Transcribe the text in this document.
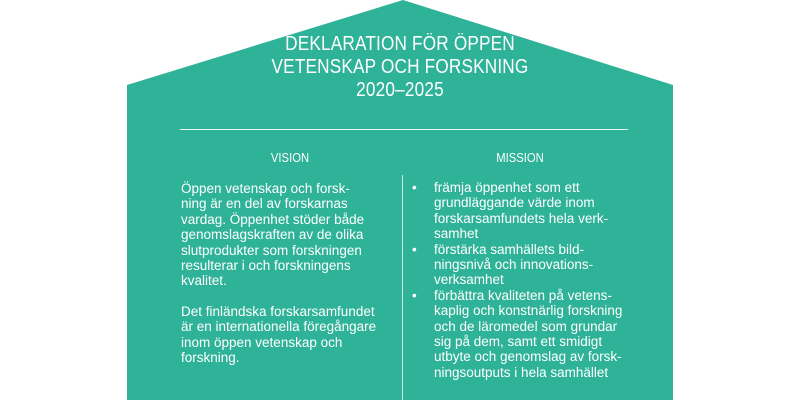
DEKLARATION FÖR ÖPPEN
VETENSKAP OCH FORSKNING
2020–2025
VISION	MISSION

Öppen vetenskap och forsk-
ning är en del av forskarnas
vardag. Öppenhet stöder både
genomslagskraften av de olika
slutprodukter som forskningen
resulterar i och forskningens
kvalitet.

Det finländska forskarsamfundet
är en internationella föregångare
inom öppen vetenskap och
forskning.

• främja öppenhet som ett
grundläggande värde inom
forskarsamfundets hela verk-
samhet
• förstärka samhällets bild-
ningsnivå och innovations-
verksamhet
• förbättra kvaliteten på vetens-
kaplig och konstnärlig forskning
och de läromedel som grundar
sig på dem, samt ett smidigt
utbyte och genomslag av forsk-
ningsoutputs i hela samhället
